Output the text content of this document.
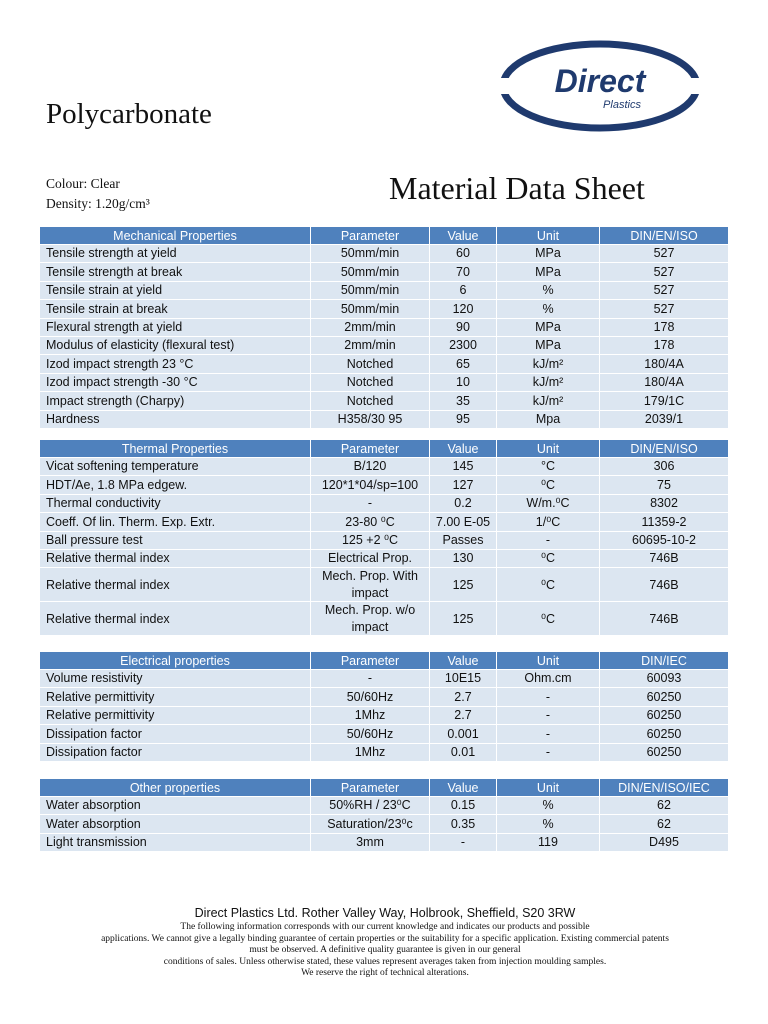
Polycarbonate
Colour: Clear
Density: 1.20g/cm³	Material Data Sheet
Direct
Plastics
Mechanical Properties	Parameter	Value	Unit	DIN/EN/ISO
Tensile strength at yield	50mm/min	60	MPa	527
Tensile strength at break	50mm/min	70	MPa	527
Tensile strain at yield	50mm/min	6	%	527
Tensile strain at break	50mm/min	120	%	527
Flexural strength at yield	2mm/min	90	MPa	178
Modulus of elasticity (flexural test)	2mm/min	2300	MPa	178
Izod impact strength 23 °C	Notched	65	kJ/m²	180/4A
Izod impact strength -30 °C	Notched	10	kJ/m²	180/4A
Impact strength (Charpy)	Notched	35	kJ/m²	179/1C
Hardness	H358/30 95	95	Mpa	2039/1
Thermal Properties	Parameter	Value	Unit	DIN/EN/ISO
Vicat softening temperature	B/120	145	°C	306
HDT/Ae, 1.8 MPa edgew.	120*1*04/sp=100	127	⁰C	75
Thermal conductivity	-	0.2	W/m.⁰C	8302
Coeff. Of lin. Therm. Exp. Extr.	23-80 ⁰C	7.00 E-05	1/⁰C	11359-2
Ball pressure test	125 +2 ⁰C	Passes	-	60695-10-2
Relative thermal index	Electrical Prop.	130	⁰C	746B
Relative thermal index	Mech. Prop. With impact	125	⁰C	746B
Relative thermal index	Mech. Prop. w/o impact	125	⁰C	746B
Electrical properties	Parameter	Value	Unit	DIN/IEC
Volume resistivity	-	10E15	Ohm.cm	60093
Relative permittivity	50/60Hz	2.7	-	60250
Relative permittivity	1Mhz	2.7	-	60250
Dissipation factor	50/60Hz	0.001	-	60250
Dissipation factor	1Mhz	0.01	-	60250
Other properties	Parameter	Value	Unit	DIN/EN/ISO/IEC
Water absorption	50%RH / 23⁰C	0.15	%	62
Water absorption	Saturation/23⁰c	0.35	%	62
Light transmission	3mm	-	119	D495
Direct Plastics Ltd. Rother Valley Way, Holbrook, Sheffield, S20 3RW
The following information corresponds with our current knowledge and indicates our products and possible
applications. We cannot give a legally binding guarantee of certain properties or the suitability for a specific application. Existing commercial patents
must be observed. A definitive quality guarantee is given in our general
conditions of sales. Unless otherwise stated, these values represent averages taken from injection moulding samples.
We reserve the right of technical alterations.
